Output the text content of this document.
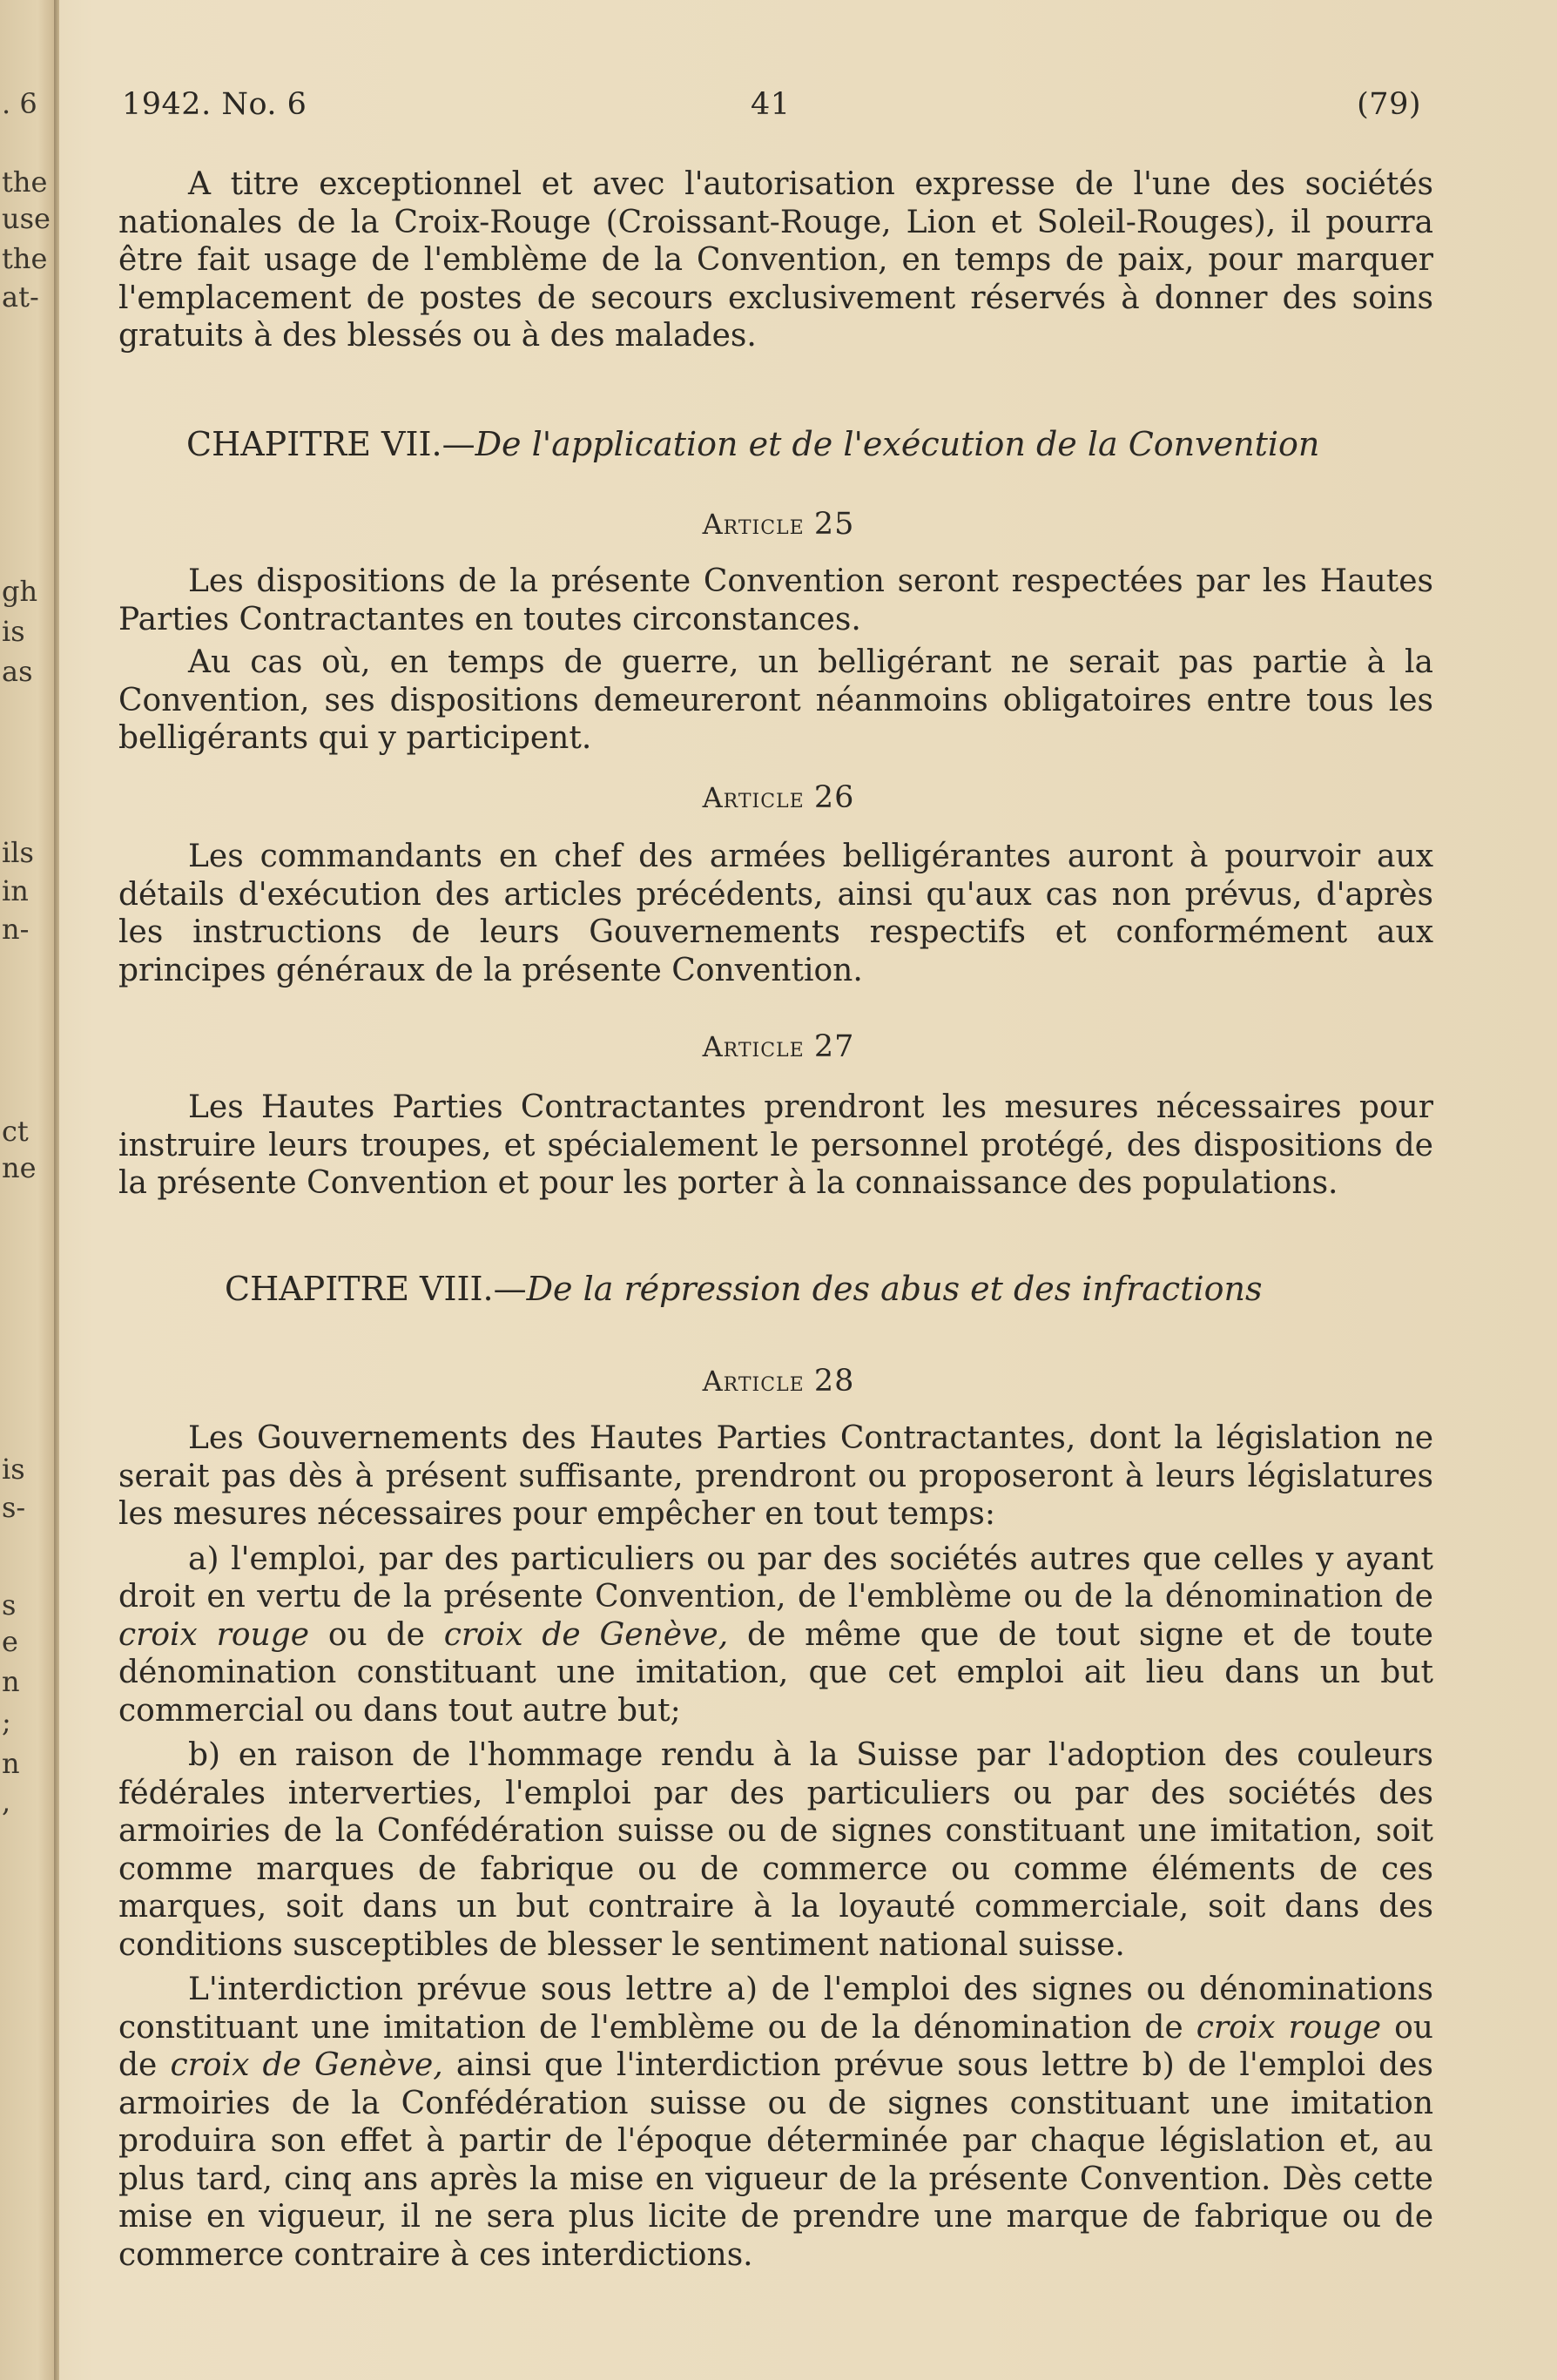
. 6
the
use
the
at-
gh
is
as
ils
in
n-
ct
ne
is
s-
s
e
n
;
n
,
1942. No. 6	41	(79)

A titre exceptionnel et avec l'autorisation expresse de l'une des sociétés nationales de la Croix-Rouge (Croissant-Rouge, Lion et Soleil-Rouges), il pourra être fait usage de l'emblème de la Convention, en temps de paix, pour marquer l'emplacement de postes de secours exclusivement réservés à donner des soins gratuits à des blessés ou à des malades.

CHAPITRE VII.—De l'application et de l'exécution de la Convention
Article 25

Les dispositions de la présente Convention seront respectées par les Hautes Parties Contractantes en toutes circonstances.

Au cas où, en temps de guerre, un belligérant ne serait pas partie à la Convention, ses dispositions demeureront néanmoins obligatoires entre tous les belligérants qui y participent.

Article 26

Les commandants en chef des armées belligérantes auront à pourvoir aux détails d'exécution des articles précédents, ainsi qu'aux cas non prévus, d'après les instructions de leurs Gouvernements respectifs et conformément aux principes généraux de la présente Convention.

Article 27

Les Hautes Parties Contractantes prendront les mesures nécessaires pour instruire leurs troupes, et spécialement le personnel protégé, des dispositions de la présente Convention et pour les porter à la connaissance des populations.

CHAPITRE VIII.—De la répression des abus et des infractions
Article 28

Les Gouvernements des Hautes Parties Contractantes, dont la législation ne serait pas dès à présent suffisante, prendront ou proposeront à leurs législatures les mesures nécessaires pour empêcher en tout temps:

a) l'emploi, par des particuliers ou par des sociétés autres que celles y ayant droit en vertu de la présente Convention, de l'emblème ou de la dénomination de croix rouge ou de croix de Genève, de même que de tout signe et de toute dénomination constituant une imitation, que cet emploi ait lieu dans un but commercial ou dans tout autre but;

b) en raison de l'hommage rendu à la Suisse par l'adoption des couleurs fédérales interverties, l'emploi par des particuliers ou par des sociétés des armoiries de la Confédération suisse ou de signes constituant une imitation, soit comme marques de fabrique ou de commerce ou comme éléments de ces marques, soit dans un but contraire à la loyauté commerciale, soit dans des conditions susceptibles de blesser le sentiment national suisse.

L'interdiction prévue sous lettre a) de l'emploi des signes ou dénominations constituant une imitation de l'emblème ou de la dénomination de croix rouge ou de croix de Genève, ainsi que l'interdiction prévue sous lettre b) de l'emploi des armoiries de la Confédération suisse ou de signes constituant une imitation produira son effet à partir de l'époque déterminée par chaque législation et, au plus tard, cinq ans après la mise en vigueur de la présente Convention. Dès cette mise en vigueur, il ne sera plus licite de prendre une marque de fabrique ou de commerce contraire à ces interdictions.
